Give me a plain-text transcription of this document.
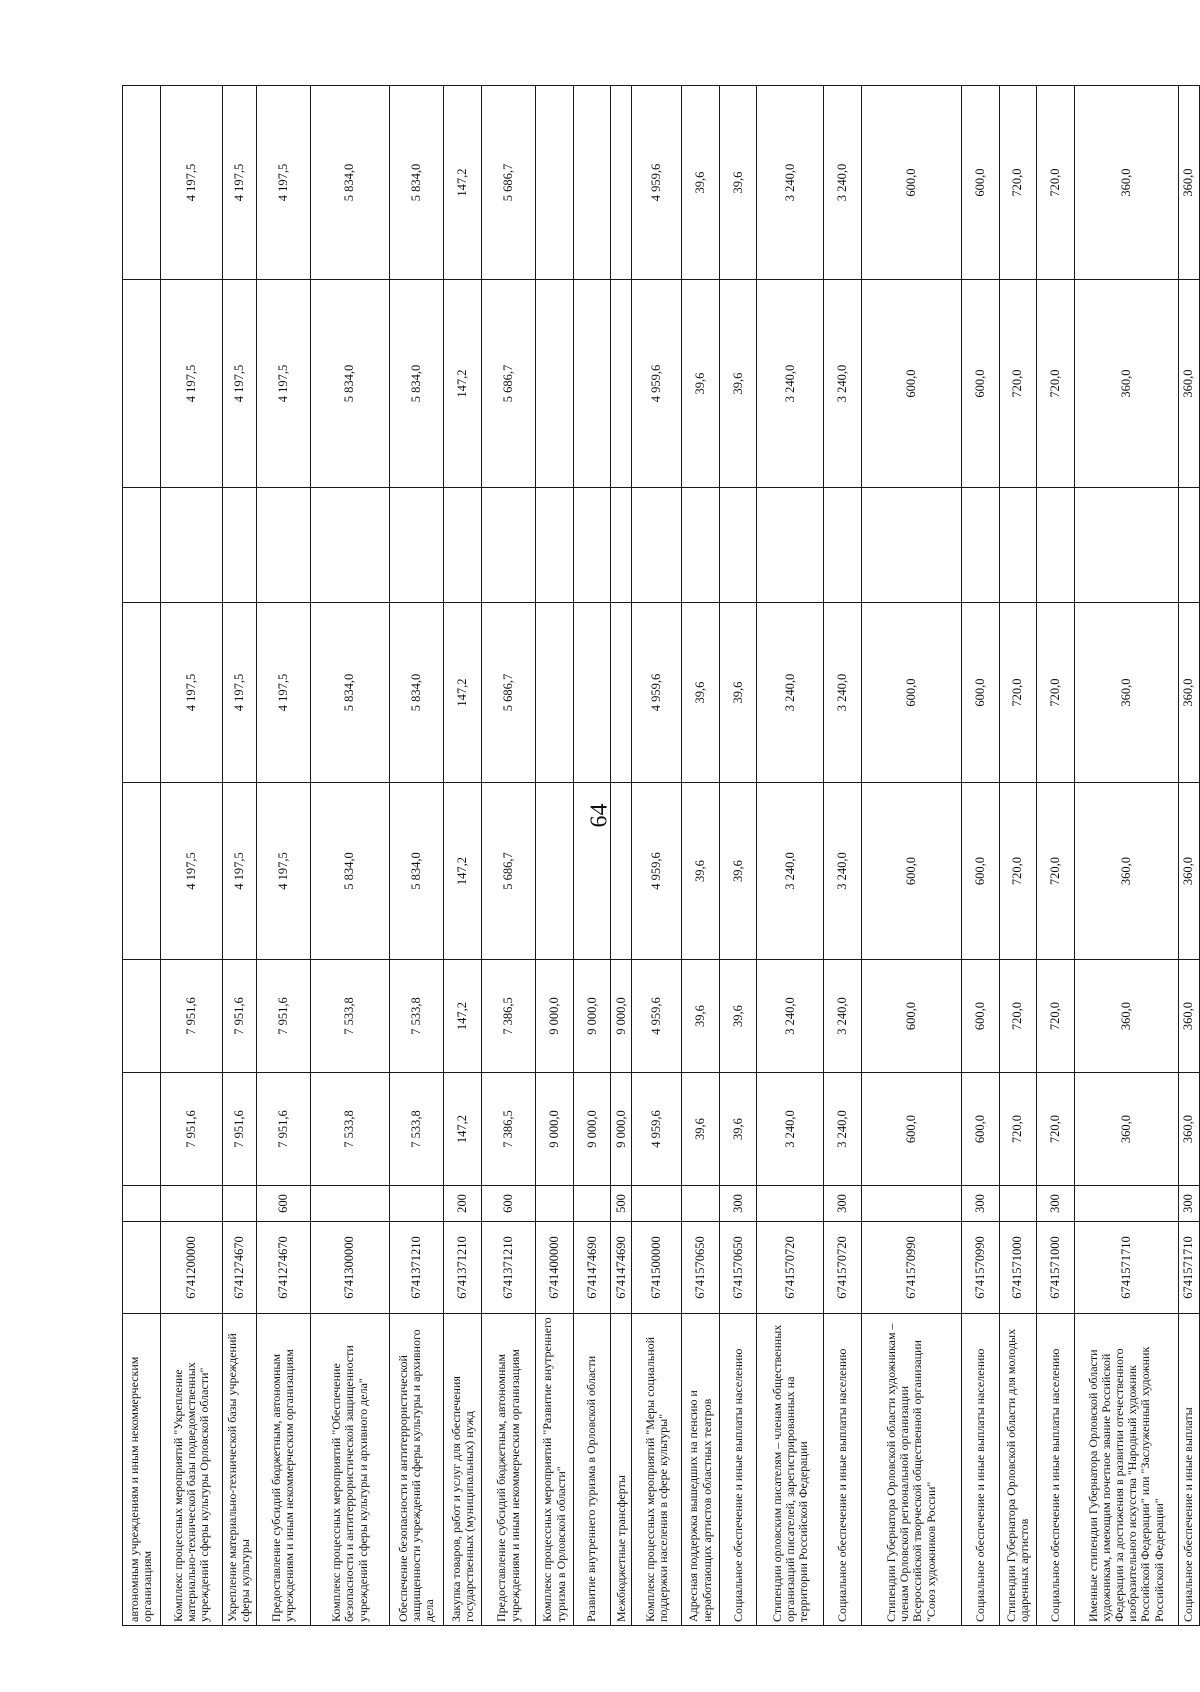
64
автономным учреждениям и иным некоммерческим организациям									
Комплекс процессных мероприятий "Укрепление материально-технической базы подведомственных учреждений сферы культуры Орловской области"	6741200000		7 951,6	7 951,6	4 197,5	4 197,5		4 197,5	4 197,5
Укрепление материально-технической базы учреждений сферы культуры	6741274670		7 951,6	7 951,6	4 197,5	4 197,5		4 197,5	4 197,5
Предоставление субсидий бюджетным, автономным учреждениям и иным некоммерческим организациям	6741274670	600	7 951,6	7 951,6	4 197,5	4 197,5		4 197,5	4 197,5
Комплекс процессных мероприятий "Обеспечение безопасности и антитеррористической защищенности учреждений сферы культуры и архивного дела"	6741300000		7 533,8	7 533,8	5 834,0	5 834,0		5 834,0	5 834,0
Обеспечение безопасности и антитеррористической защищенности учреждений сферы культуры и архивного дела	6741371210		7 533,8	7 533,8	5 834,0	5 834,0		5 834,0	5 834,0
Закупка товаров, работ и услуг для обеспечения государственных (муниципальных) нужд	6741371210	200	147,2	147,2	147,2	147,2		147,2	147,2
Предоставление субсидий бюджетным, автономным учреждениям и иным некоммерческим организациям	6741371210	600	7 386,5	7 386,5	5 686,7	5 686,7		5 686,7	5 686,7
Комплекс процессных мероприятий "Развитие внутреннего туризма в Орловской области"	6741400000		9 000,0	9 000,0					
Развитие внутреннего туризма в Орловской области	6741474690		9 000,0	9 000,0					
Межбюджетные трансферты	6741474690	500	9 000,0	9 000,0					
Комплекс процессных мероприятий "Меры социальной поддержки населения в сфере культуры"	6741500000		4 959,6	4 959,6	4 959,6	4 959,6		4 959,6	4 959,6
Адресная поддержка вышедших на пенсию и неработающих артистов областных театров	6741570650		39,6	39,6	39,6	39,6		39,6	39,6
Социальное обеспечение и иные выплаты населению	6741570650	300	39,6	39,6	39,6	39,6		39,6	39,6
Стипендии орловским писателям – членам общественных организаций писателей, зарегистрированных на территории Российской Федерации	6741570720		3 240,0	3 240,0	3 240,0	3 240,0		3 240,0	3 240,0
Социальное обеспечение и иные выплаты населению	6741570720	300	3 240,0	3 240,0	3 240,0	3 240,0		3 240,0	3 240,0
Стипендии Губернатора Орловской области художникам – членам Орловской региональной организации Всероссийской творческой общественной организации "Союз художников России"	6741570990		600,0	600,0	600,0	600,0		600,0	600,0
Социальное обеспечение и иные выплаты населению	6741570990	300	600,0	600,0	600,0	600,0		600,0	600,0
Стипендии Губернатора Орловской области для молодых одаренных артистов	6741571000		720,0	720,0	720,0	720,0		720,0	720,0
Социальное обеспечение и иные выплаты населению	6741571000	300	720,0	720,0	720,0	720,0		720,0	720,0
Именные стипендии Губернатора Орловской области художникам, имеющим почетное звание Российской Федерации за достижения в развитии отечественного изобразительного искусства "Народный художник Российской Федерации" или "Заслуженный художник Российской Федерации"	6741571710		360,0	360,0	360,0	360,0		360,0	360,0
Социальное обеспечение и иные выплаты	6741571710	300	360,0	360,0	360,0	360,0		360,0	360,0
